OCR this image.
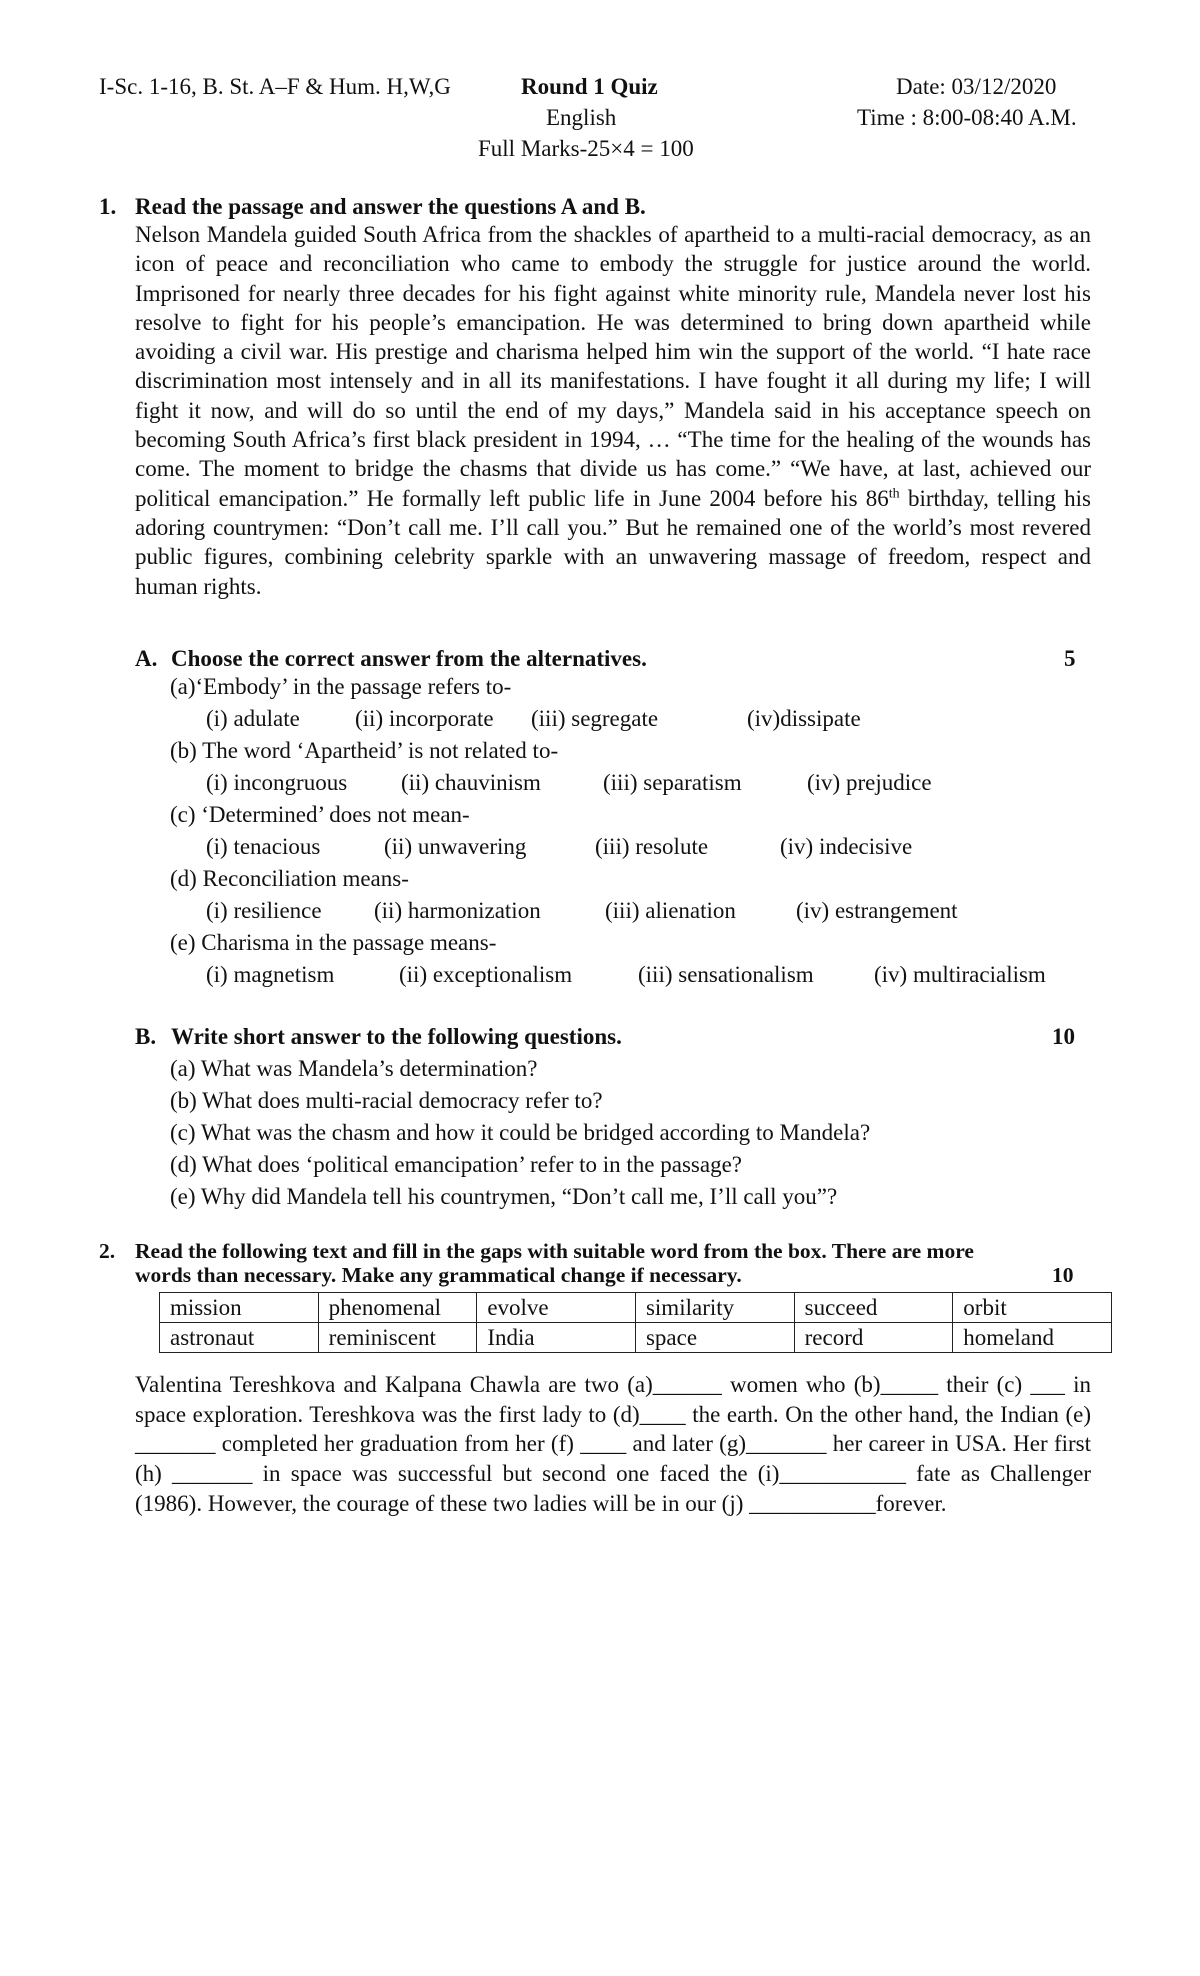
I-Sc. 1-16, B. St. A–F & Hum. H,W,G	Round 1 Quiz
English
Full Marks-25×4 = 100
Date: 03/12/2020
Time : 8:00-08:40 A.M.
1. Read the passage and answer the questions A and B.
Nelson Mandela guided South Africa from the shackles of apartheid to a multi-racial democracy, as an icon of peace and reconciliation who came to embody the struggle for justice around the world. Imprisoned for nearly three decades for his fight against white minority rule, Mandela never lost his resolve to fight for his people’s emancipation. He was determined to bring down apartheid while avoiding a civil war. His prestige and charisma helped him win the support of the world. “I hate race discrimination most intensely and in all its manifestations. I have fought it all during my life; I will fight it now, and will do so until the end of my days,” Mandela said in his acceptance speech on becoming South Africa’s first black president in 1994, … “The time for the healing of the wounds has come. The moment to bridge the chasms that divide us has come.” “We have, at last, achieved our political emancipation.” He formally left public life in June 2004 before his 86th birthday, telling his adoring countrymen: “Don’t call me. I’ll call you.” But he remained one of the world’s most revered public figures, combining celebrity sparkle with an unwavering massage of freedom, respect and human rights.
A. Choose the correct answer from the alternatives.	5
(a)‘Embody’ in the passage refers to-
(i) adulate (ii) incorporate (iii) segregate	(iv)dissipate
(b) The word ‘Apartheid’ is not related to-
(i) incongruous (ii) chauvinism	(iii) separatism	(iv) prejudice
(c) ‘Determined’ does not mean-
(i) tenacious	(ii) unwavering	(iii) resolute	(iv) indecisive
(d) Reconciliation means-
(i) resilience (ii) harmonization	(iii) alienation	(iv) estrangement
(e) Charisma in the passage means-
(i) magnetism	(ii) exceptionalism	(iii) sensationalism	(iv) multiracialism
B. Write short answer to the following questions.	10
(a) What was Mandela’s determination?
(b) What does multi-racial democracy refer to?
(c) What was the chasm and how it could be bridged according to Mandela?
(d) What does ‘political emancipation’ refer to in the passage?
(e) Why did Mandela tell his countrymen, “Don’t call me, I’ll call you”?
2. Read the following text and fill in the gaps with suitable word from the box. There are more
words than necessary. Make any grammatical change if necessary.	10
mission	phenomenal	evolve	similarity	succeed	orbit
astronaut	reminiscent	India	space	record	homeland
Valentina Tereshkova and Kalpana Chawla are two (a)______ women who (b)_____ their (c) ___ in space exploration. Tereshkova was the first lady to (d)____ the earth. On the other hand, the Indian (e) _______ completed her graduation from her (f) ____ and later (g)_______ her career in USA. Her first (h) _______ in space was successful but second one faced the (i)___________ fate as Challenger (1986). However, the courage of these two ladies will be in our (j) ___________forever.
